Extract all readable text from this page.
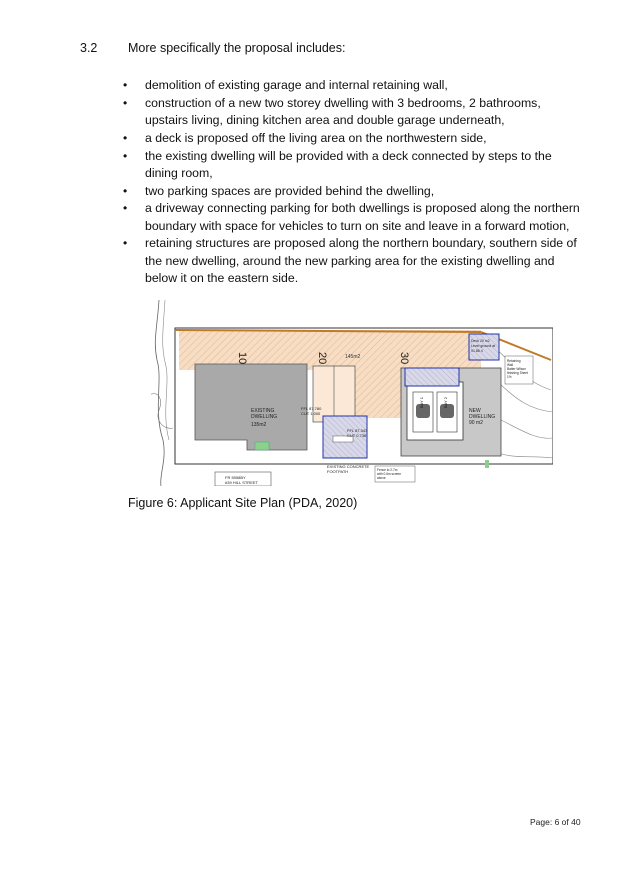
3.2 More specifically the proposal includes:
• demolition of existing garage and internal retaining wall,
• construction of a new two storey dwelling with 3 bedrooms, 2 bathrooms, upstairs living, dining kitchen area and double garage underneath,
• a deck is proposed off the living area on the northwestern side,
• the existing dwelling will be provided with a deck connected by steps to the dining room,
• two parking spaces are provided behind the dwelling,
• a driveway connecting parking for both dwellings is proposed along the northern boundary with space for vehicles to turn on site and leave in a forward motion,
• retaining structures are proposed along the northern boundary, southern side of the new dwelling, around the new parking area for the existing dwelling and below it on the eastern side.
10	20	30
145m2
EXISTING
DWELLING
135m2
NEW
DWELLING
90 m2
BAY 1	BAY 2
FFL 87.780
CUT 1.000
FFL 87.343
CUT 0.736
EXISTING CONCRETE
FOOTPATH
FR 5958BY
#39 HILL STREET
Deck 20 m2
Level ground at
91.88 4
Retaining
Wall
Batter Wilson
finishing Sheet
1%
Fence to 2.7m
with 0.6m screen
above
Figure 6: Applicant Site Plan (PDA, 2020)
Page: 6 of 40
